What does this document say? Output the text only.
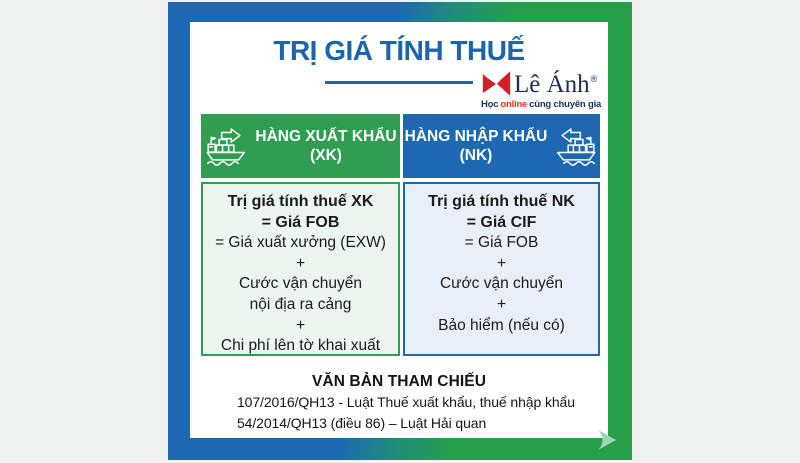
TRỊ GIÁ TÍNH THUẾ
Lê Ánh ®
Học online cùng chuyên gia
HÀNG XUẤT KHẨU
(XK)
HÀNG NHẬP KHẨU
(NK)
Trị giá tính thuế XK
= Giá FOB
= Giá xuất xưởng (EXW)
+
Cước vận chuyển
nội địa ra cảng
+
Chi phí lên tờ khai xuất
Trị giá tính thuế NK
= Giá CIF
= Giá FOB
+
Cước vận chuyển
+
Bảo hiểm (nếu có)
VĂN BẢN THAM CHIẾU
107/2016/QH13 - Luật Thuế xuất khẩu, thuế nhập khẩu
54/2014/QH13 (điều 86) – Luật Hải quan
